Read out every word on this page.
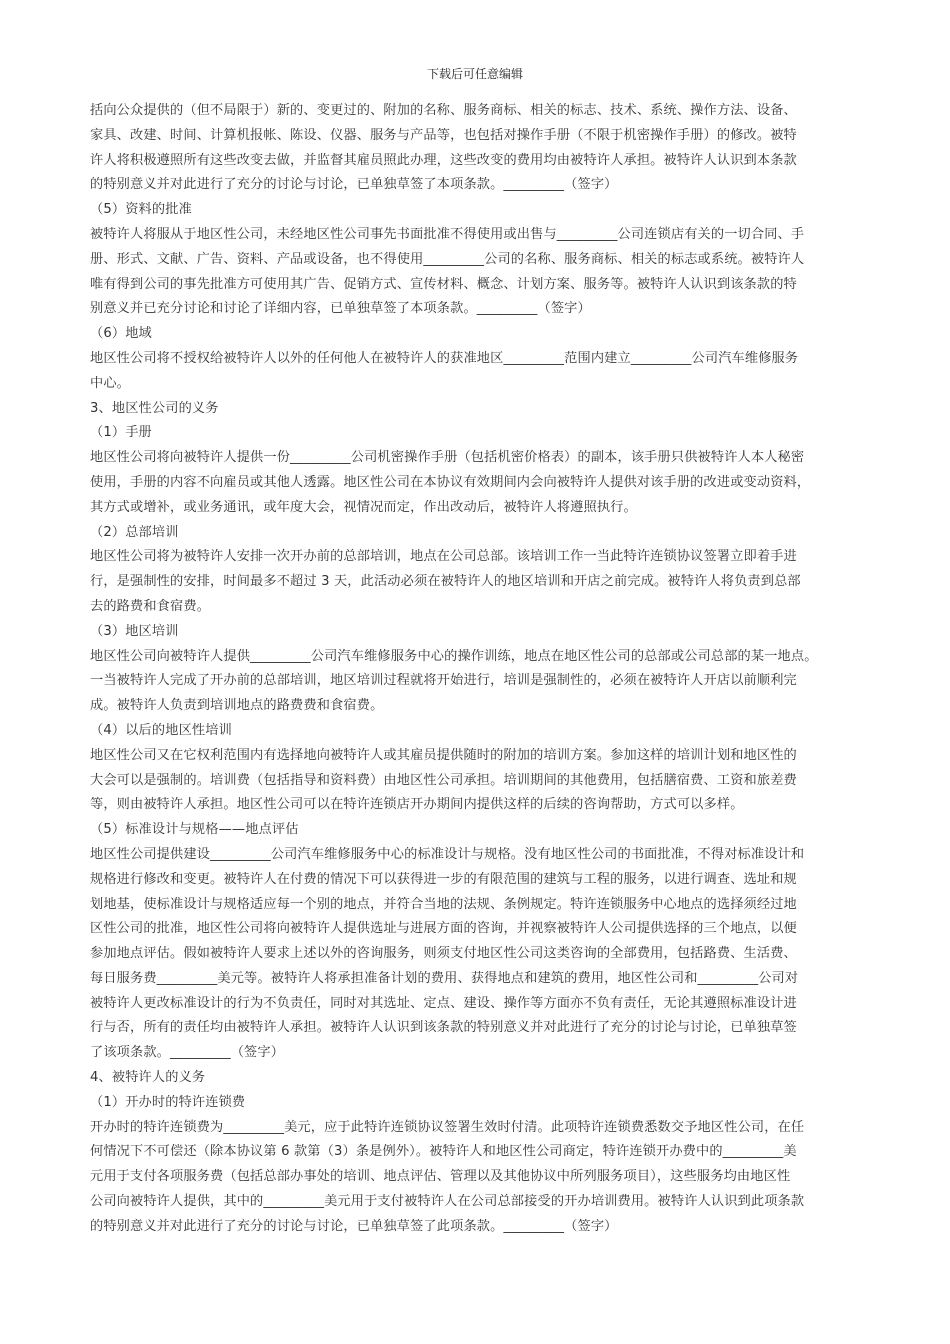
下载后可任意编辑
括向公众提供的（但不局限于）新的、变更过的、附加的名称、服务商标、相关的标志、技术、系统、操作方法、设备、
家具、改建、时间、计算机报帐、陈设、仪器、服务与产品等，也包括对操作手册（不限于机密操作手册）的修改。被特
许人将积极遵照所有这些改变去做，并监督其雇员照此办理，这些改变的费用均由被特许人承担。被特许人认识到本条款
的特别意义并对此进行了充分的讨论与讨论，已单独草签了本项条款。_________（签字）
（5）资料的批准
被特许人将服从于地区性公司，未经地区性公司事先书面批准不得使用或出售与_________公司连锁店有关的一切合同、手
册、形式、文献、广告、资料、产品或设备，也不得使用_________公司的名称、服务商标、相关的标志或系统。被特许人
唯有得到公司的事先批准方可使用其广告、促销方式、宣传材料、概念、计划方案、服务等。被特许人认识到该条款的特
别意义并已充分讨论和讨论了详细内容，已单独草签了本项条款。_________（签字）
（6）地域
地区性公司将不授权给被特许人以外的任何他人在被特许人的获准地区_________范围内建立_________公司汽车维修服务
中心。
3、地区性公司的义务
（1）手册
地区性公司将向被特许人提供一份_________公司机密操作手册（包括机密价格表）的副本，该手册只供被特许人本人秘密
使用，手册的内容不向雇员或其他人透露。地区性公司在本协议有效期间内会向被特许人提供对该手册的改进或变动资料，
其方式或增补，或业务通讯，或年度大会，视情况而定，作出改动后，被特许人将遵照执行。
（2）总部培训
地区性公司将为被特许人安排一次开办前的总部培训，地点在公司总部。该培训工作一当此特许连锁协议签署立即着手进
行，是强制性的安排，时间最多不超过 3 天，此活动必须在被特许人的地区培训和开店之前完成。被特许人将负责到总部
去的路费和食宿费。
（3）地区培训
地区性公司向被特许人提供_________公司汽车维修服务中心的操作训练，地点在地区性公司的总部或公司总部的某一地点。
一当被特许人完成了开办前的总部培训，地区培训过程就将开始进行，培训是强制性的，必须在被特许人开店以前顺利完
成。被特许人负责到培训地点的路费费和食宿费。
（4）以后的地区性培训
地区性公司又在它权利范围内有选择地向被特许人或其雇员提供随时的附加的培训方案。参加这样的培训计划和地区性的
大会可以是强制的。培训费（包括指导和资料费）由地区性公司承担。培训期间的其他费用，包括膳宿费、工资和旅差费
等，则由被特许人承担。地区性公司可以在特许连锁店开办期间内提供这样的后续的咨询帮助，方式可以多样。
（5）标准设计与规格——地点评估
地区性公司提供建设_________公司汽车维修服务中心的标准设计与规格。没有地区性公司的书面批准，不得对标准设计和
规格进行修改和变更。被特许人在付费的情况下可以获得进一步的有限范围的建筑与工程的服务，以进行调查、选址和规
划地基，使标准设计与规格适应每一个别的地点，并符合当地的法规、条例规定。特许连锁服务中心地点的选择须经过地
区性公司的批准，地区性公司将向被特许人提供选址与进展方面的咨询，并视察被特许人公司提供选择的三个地点，以便
参加地点评估。假如被特许人要求上述以外的咨询服务，则须支付地区性公司这类咨询的全部费用，包括路费、生活费、
每日服务费_________美元等。被特许人将承担准备计划的费用、获得地点和建筑的费用，地区性公司和_________公司对
被特许人更改标准设计的行为不负责任，同时对其选址、定点、建设、操作等方面亦不负有责任，无论其遵照标准设计进
行与否，所有的责任均由被特许人承担。被特许人认识到该条款的特别意义并对此进行了充分的讨论与讨论，已单独草签
了该项条款。_________（签字）
4、被特许人的义务
（1）开办时的特许连锁费
开办时的特许连锁费为_________美元，应于此特许连锁协议签署生效时付清。此项特许连锁费悉数交予地区性公司，在任
何情况下不可偿还（除本协议第 6 款第（3）条是例外）。被特许人和地区性公司商定，特许连锁开办费中的_________美
元用于支付各项服务费（包括总部办事处的培训、地点评估、管理以及其他协议中所列服务项目），这些服务均由地区性
公司向被特许人提供，其中的_________美元用于支付被特许人在公司总部接受的开办培训费用。被特许人认识到此项条款
的特别意义并对此进行了充分的讨论与讨论，已单独草签了此项条款。_________（签字）
